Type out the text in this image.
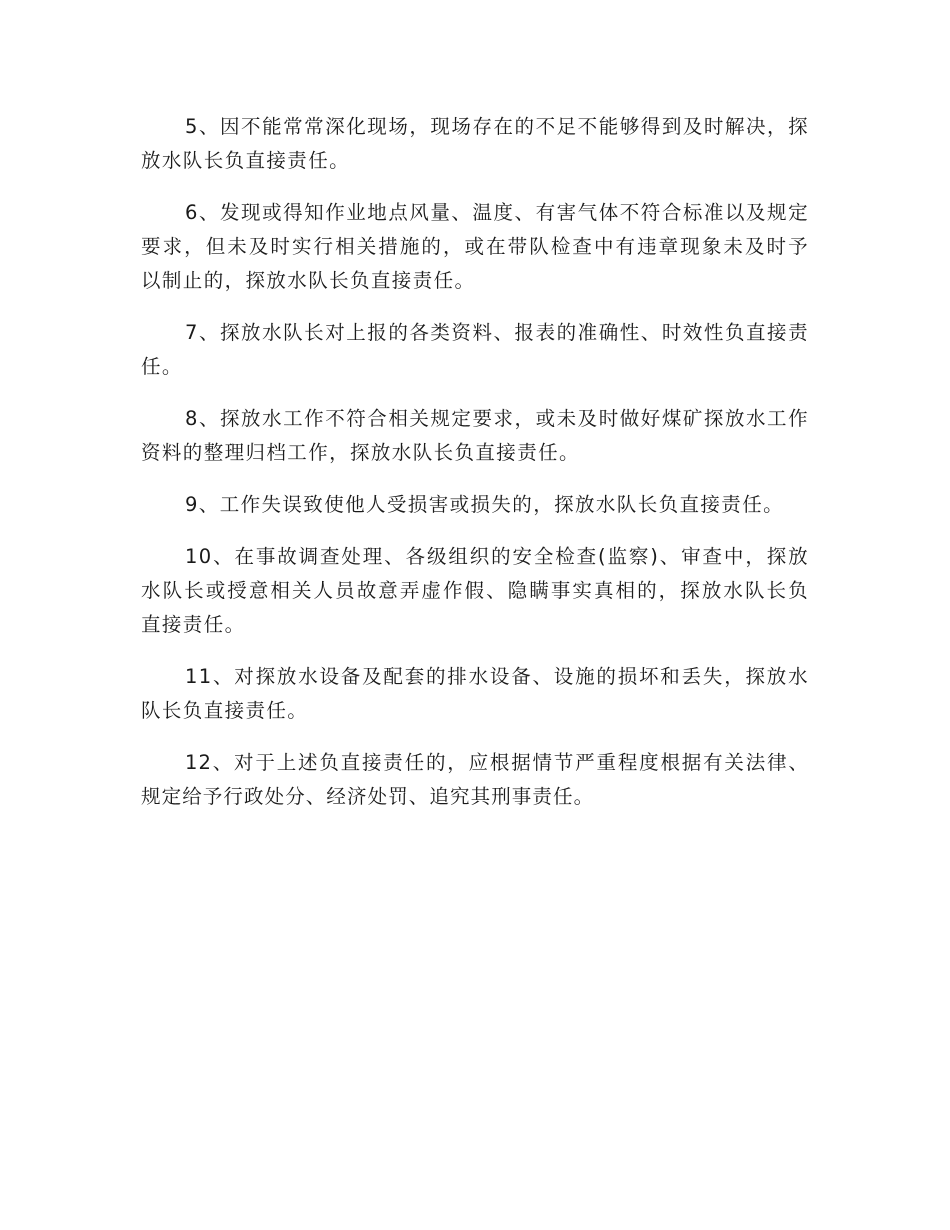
5、因不能常常深化现场，现场存在的不足不能够得到及时解决，探放水队长负直接责任。

6、发现或得知作业地点风量、温度、有害气体不符合标准以及规定要求，但未及时实行相关措施的，或在带队检查中有违章现象未及时予以制止的，探放水队长负直接责任。

7、探放水队长对上报的各类资料、报表的准确性、时效性负直接责任。

8、探放水工作不符合相关规定要求，或未及时做好煤矿探放水工作资料的整理归档工作，探放水队长负直接责任。

9、工作失误致使他人受损害或损失的，探放水队长负直接责任。

10、在事故调查处理、各级组织的安全检查(监察)、审查中，探放水队长或授意相关人员故意弄虚作假、隐瞒事实真相的，探放水队长负直接责任。

11、对探放水设备及配套的排水设备、设施的损坏和丢失，探放水队长负直接责任。

12、对于上述负直接责任的，应根据情节严重程度根据有关法律、规定给予行政处分、经济处罚、追究其刑事责任。
